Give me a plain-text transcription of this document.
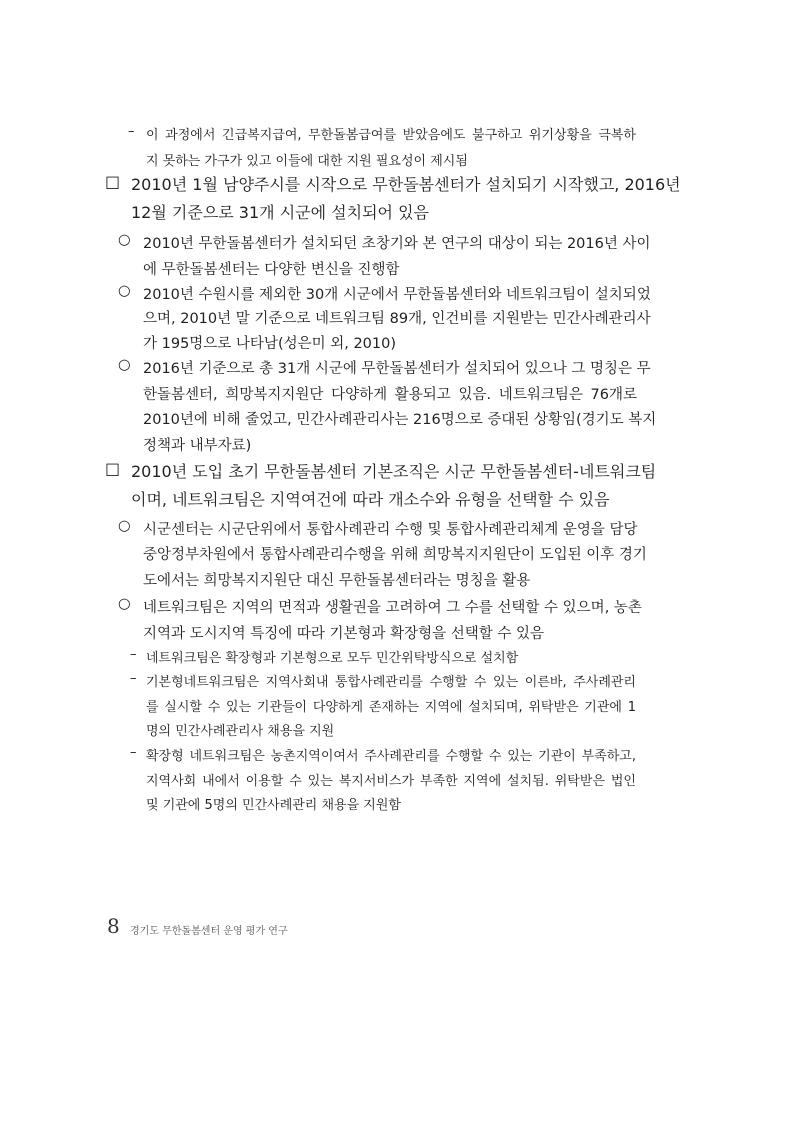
– 이 과정에서 긴급복지급여, 무한돌봄급여를 받았음에도 불구하고 위기상황을 극복하
지 못하는 가구가 있고 이들에 대한 지원 필요성이 제시됨
□ 2010년 1월 남양주시를 시작으로 무한돌봄센터가 설치되기 시작했고, 2016년
12월 기준으로 31개 시군에 설치되어 있음
○ 2010년 무한돌봄센터가 설치되던 초창기와 본 연구의 대상이 되는 2016년 사이
에 무한돌봄센터는 다양한 변신을 진행함
○ 2010년 수원시를 제외한 30개 시군에서 무한돌봄센터와 네트워크팀이 설치되었
으며, 2010년 말 기준으로 네트워크팀 89개, 인건비를 지원받는 민간사례관리사
가 195명으로 나타남(성은미 외, 2010)
○ 2016년 기준으로 총 31개 시군에 무한돌봄센터가 설치되어 있으나 그 명칭은 무
한돌봄센터, 희망복지지원단 다양하게 활용되고 있음. 네트워크팀은 76개로
2010년에 비해 줄었고, 민간사례관리사는 216명으로 증대된 상황임(경기도 복지
정책과 내부자료)
□ 2010년 도입 초기 무한돌봄센터 기본조직은 시군 무한돌봄센터-네트워크팀
이며, 네트워크팀은 지역여건에 따라 개소수와 유형을 선택할 수 있음
○ 시군센터는 시군단위에서 통합사례관리 수행 및 통합사례관리체계 운영을 담당
중앙정부차원에서 통합사례관리수행을 위해 희망복지지원단이 도입된 이후 경기
도에서는 희망복지지원단 대신 무한돌봄센터라는 명칭을 활용
○ 네트워크팀은 지역의 면적과 생활권을 고려하여 그 수를 선택할 수 있으며, 농촌
지역과 도시지역 특징에 따라 기본형과 확장형을 선택할 수 있음
– 네트워크팀은 확장형과 기본형으로 모두 민간위탁방식으로 설치함
– 기본형네트워크팀은 지역사회내 통합사례관리를 수행할 수 있는 이른바, 주사례관리
를 실시할 수 있는 기관들이 다양하게 존재하는 지역에 설치되며, 위탁받은 기관에 1
명의 민간사례관리사 채용을 지원
– 확장형 네트워크팀은 농촌지역이여서 주사례관리를 수행할 수 있는 기관이 부족하고,
지역사회 내에서 이용할 수 있는 복지서비스가 부족한 지역에 설치됨. 위탁받은 법인
및 기관에 5명의 민간사례관리 채용을 지원함
8 경기도 무한돌봄센터 운영 평가 연구
